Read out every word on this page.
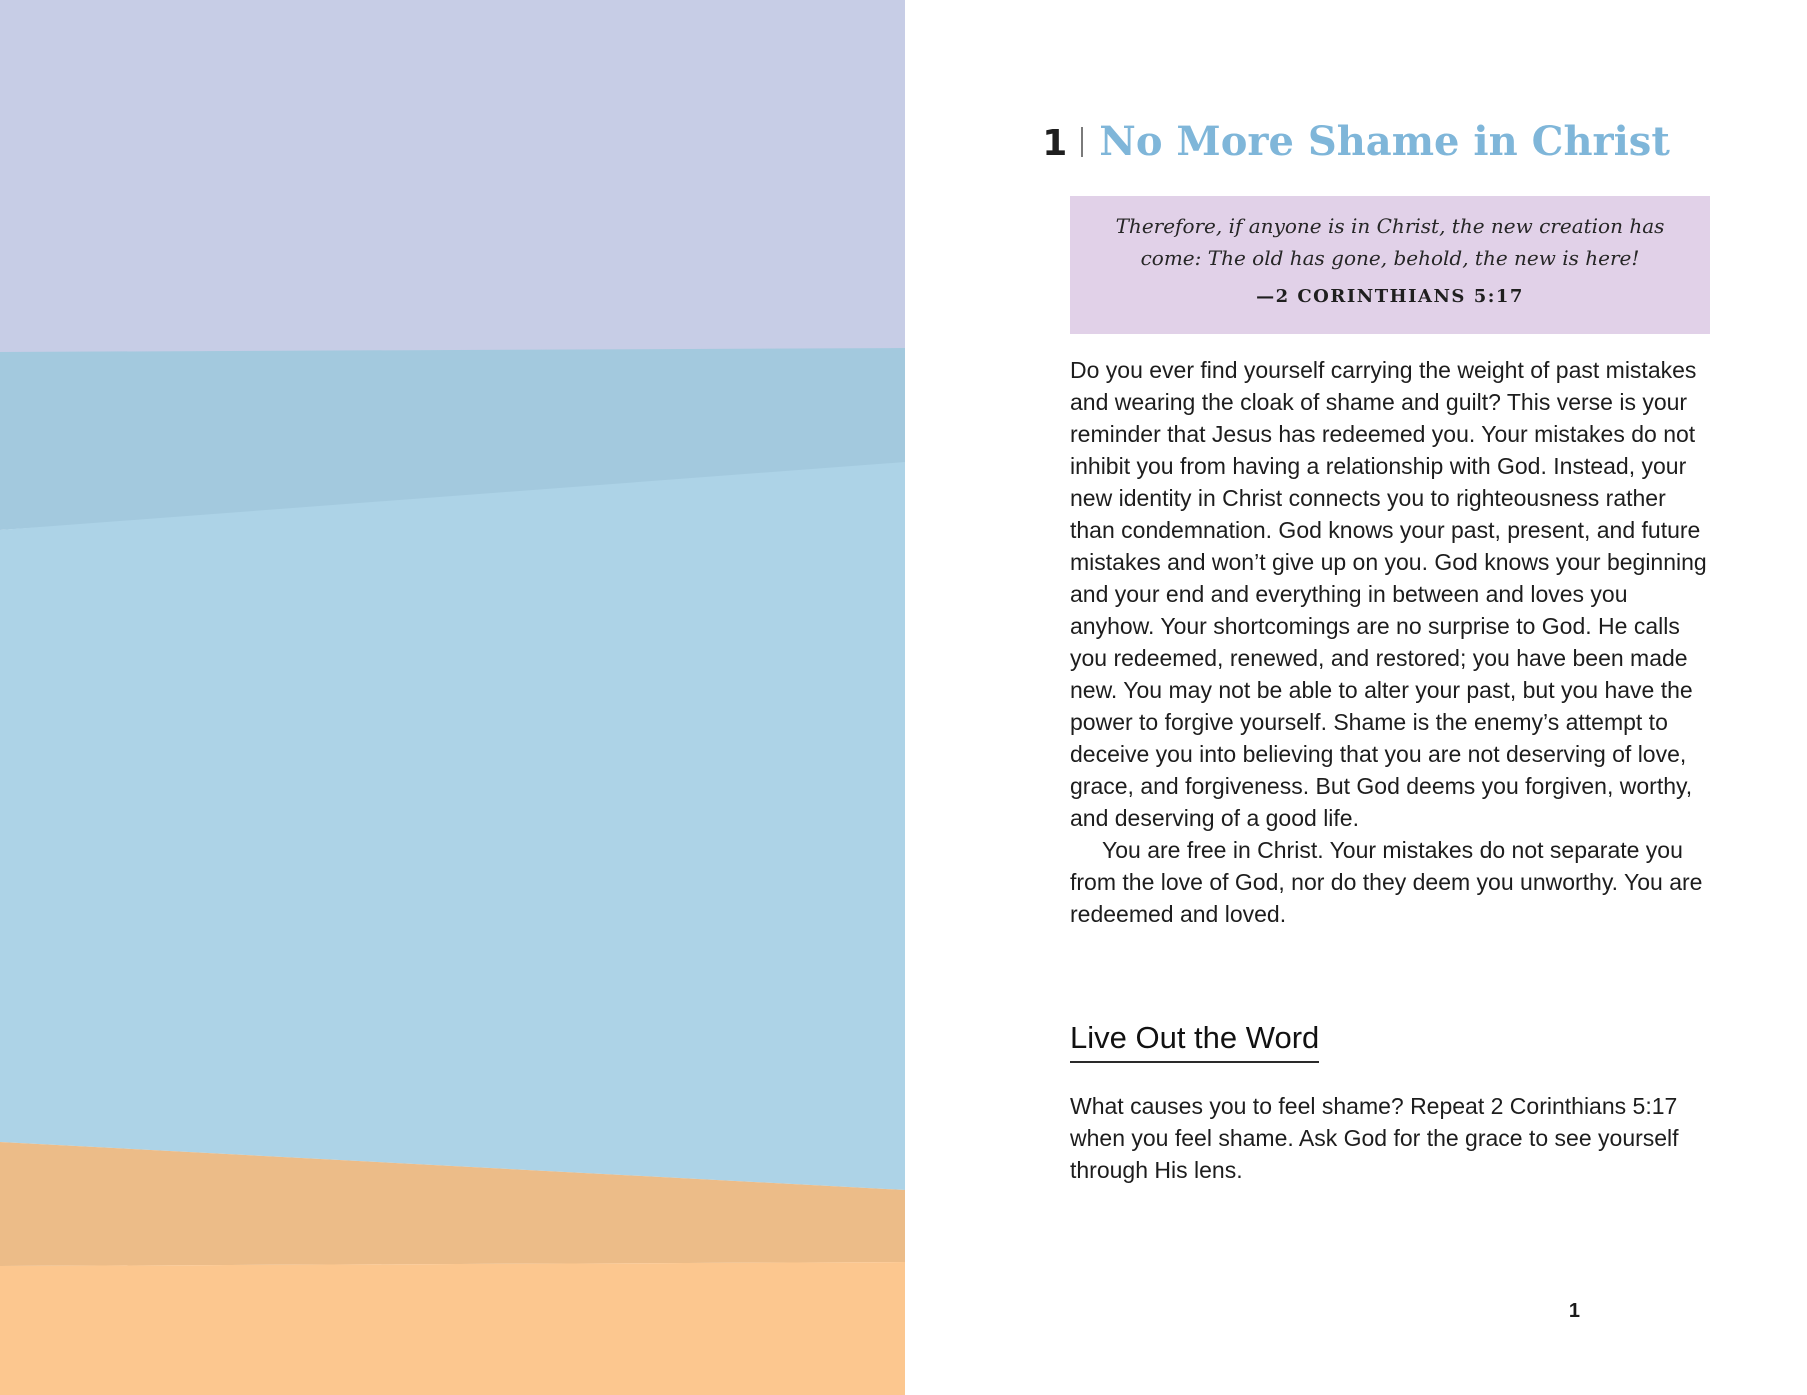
1 No More Shame in Christ
Therefore, if anyone is in Christ, the new creation has come: The old has gone, behold, the new is here!
—2 CORINTHIANS 5:17

Do you ever find yourself carrying the weight of past mistakes and wearing the cloak of shame and guilt? This verse is your reminder that Jesus has redeemed you. Your mistakes do not inhibit you from having a relationship with God. Instead, your new identity in Christ connects you to righteousness rather than condemnation. God knows your past, present, and future mistakes and won’t give up on you. God knows your beginning and your end and everything in between and loves you anyhow. Your shortcomings are no surprise to God. He calls you redeemed, renewed, and restored; you have been made new. You may not be able to alter your past, but you have the power to forgive yourself. Shame is the enemy’s attempt to deceive you into believing that you are not deserving of love, grace, and forgiveness. But God deems you forgiven, worthy, and deserving of a good life.

You are free in Christ. Your mistakes do not separate you from the love of God, nor do they deem you unworthy. You are redeemed and loved.

Live Out the Word

What causes you to feel shame? Repeat 2 Corinthians 5:17 when you feel shame. Ask God for the grace to see yourself through His lens.

1
